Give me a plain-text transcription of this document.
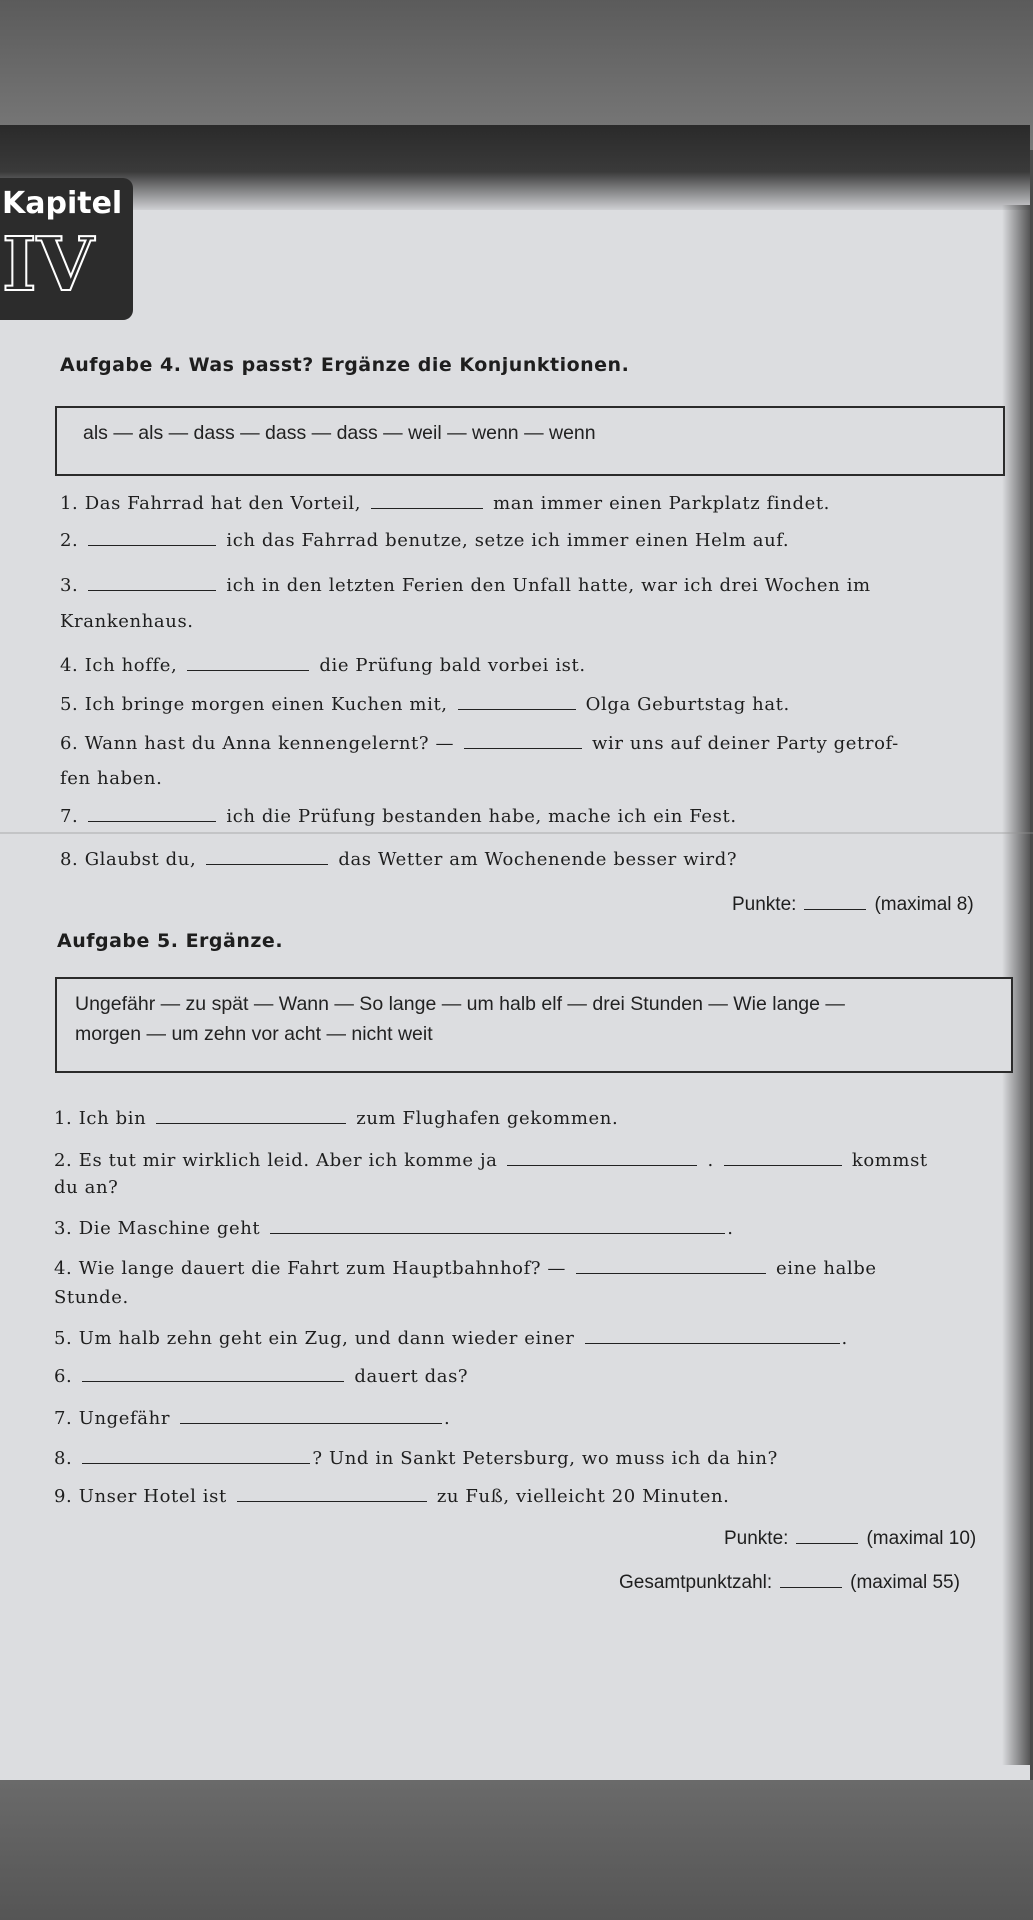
Kapitel
IV
Aufgabe 4. Was passt? Ergänze die Konjunktionen.
als — als — dass — dass — dass — weil — wenn — wenn
1. Das Fahrrad hat den Vorteil,	man immer einen Parkplatz findet.
2.	ich das Fahrrad benutze, setze ich immer einen Helm auf.
3.	ich in den letzten Ferien den Unfall hatte, war ich drei Wochen im
Krankenhaus.
4. Ich hoffe,	die Prüfung bald vorbei ist.
5. Ich bringe morgen einen Kuchen mit,	Olga Geburtstag hat.
6. Wann hast du Anna kennengelernt? —	wir uns auf deiner Party getrof-
fen haben.
7.	ich die Prüfung bestanden habe, mache ich ein Fest.
8. Glaubst du,	das Wetter am Wochenende besser wird?
Punkte:	(maximal 8)
Aufgabe 5. Ergänze.
Ungefähr — zu spät — Wann — So lange — um halb elf — drei Stunden — Wie lange —
morgen — um zehn vor acht — nicht weit
1. Ich bin	zum Flughafen gekommen.
2. Es tut mir wirklich leid. Aber ich komme ja	.	kommst
du an?
3. Die Maschine geht	.
4. Wie lange dauert die Fahrt zum Hauptbahnhof? —	eine halbe
Stunde.
5. Um halb zehn geht ein Zug, und dann wieder einer	.
6.	dauert das?
7. Ungefähr	.
8.	? Und in Sankt Petersburg, wo muss ich da hin?
9. Unser Hotel ist	zu Fuß, vielleicht 20 Minuten.
Punkte:	(maximal 10)
Gesamtpunktzahl:	(maximal 55)
